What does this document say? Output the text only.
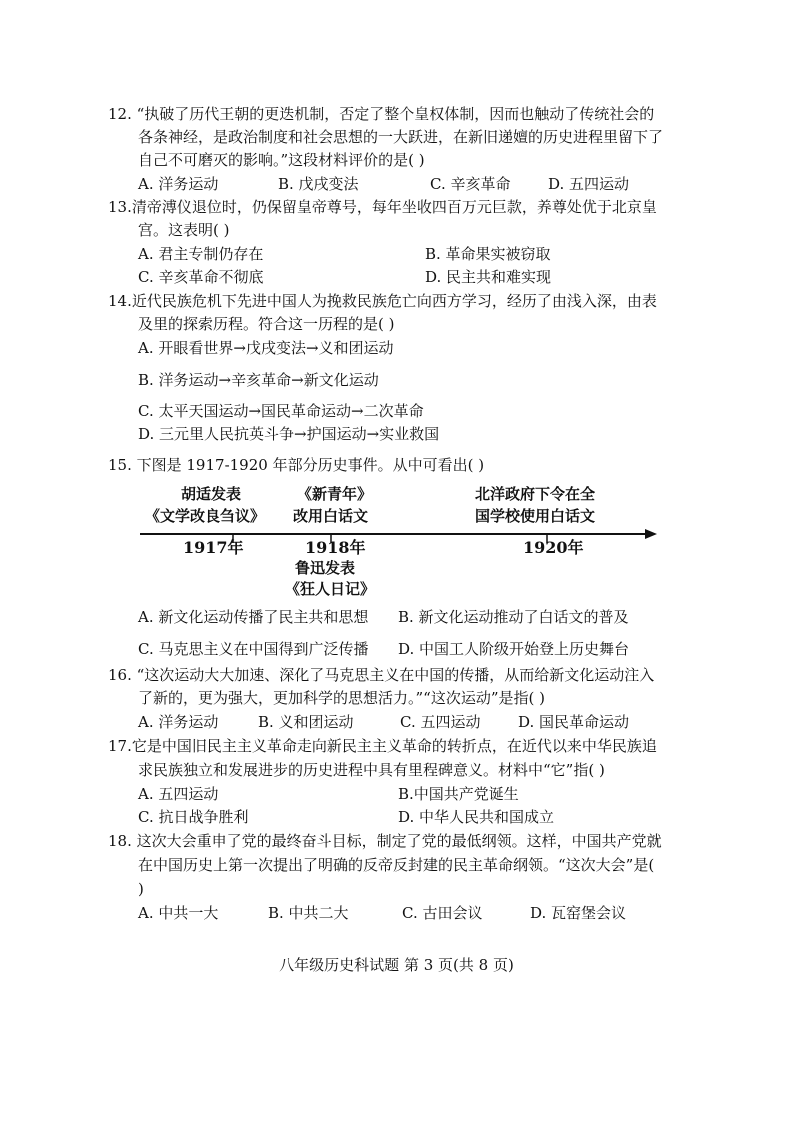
12. “执破了历代王朝的更迭机制，否定了整个皇权体制，因而也触动了传统社会的
各条神经，是政治制度和社会思想的一大跃进，在新旧递嬗的历史进程里留下了
自己不可磨灭的影响。”这段材料评价的是( )
A. 洋务运动	B. 戊戌变法	C. 辛亥革命	D. 五四运动
13.清帝溥仪退位时，仍保留皇帝尊号，每年坐收四百万元巨款，养尊处优于北京皇
宫。这表明( )
A. 君主专制仍存在	B. 革命果实被窃取
C. 辛亥革命不彻底	D. 民主共和难实现
14.近代民族危机下先进中国人为挽救民族危亡向西方学习，经历了由浅入深，由表
及里的探索历程。符合这一历程的是( )
A. 开眼看世界→戊戌变法→义和团运动
B. 洋务运动→辛亥革命→新文化运动
C. 太平天国运动→国民革命运动→二次革命
D. 三元里人民抗英斗争→护国运动→实业救国
15. 下图是 1917-1920 年部分历史事件。从中可看出( )
胡适发表
《文学改良刍议》
《新青年》
改用白话文
北洋政府下令在全
国学校使用白话文
1917年	1918年	1920年
鲁迅发表
《狂人日记》
A. 新文化运动传播了民主共和思想 B. 新文化运动推动了白话文的普及
C. 马克思主义在中国得到广泛传播 D. 中国工人阶级开始登上历史舞台
16. “这次运动大大加速、深化了马克思主义在中国的传播，从而给新文化运动注入
了新的，更为强大，更加科学的思想活力。”“这次运动”是指( )
A. 洋务运动	B. 义和团运动	C. 五四运动	D. 国民革命运动
17.它是中国旧民主主义革命走向新民主主义革命的转折点，在近代以来中华民族追
求民族独立和发展进步的历史进程中具有里程碑意义。材料中“它”指( )
A. 五四运动	B.中国共产党诞生
C. 抗日战争胜利	D. 中华人民共和国成立
18. 这次大会重申了党的最终奋斗目标，制定了党的最低纲领。这样，中国共产党就
在中国历史上第一次提出了明确的反帝反封建的民主革命纲领。“这次大会”是(
)
A. 中共一大	B. 中共二大	C. 古田会议	D. 瓦窑堡会议
八年级历史科试题 第 3 页(共 8 页)
